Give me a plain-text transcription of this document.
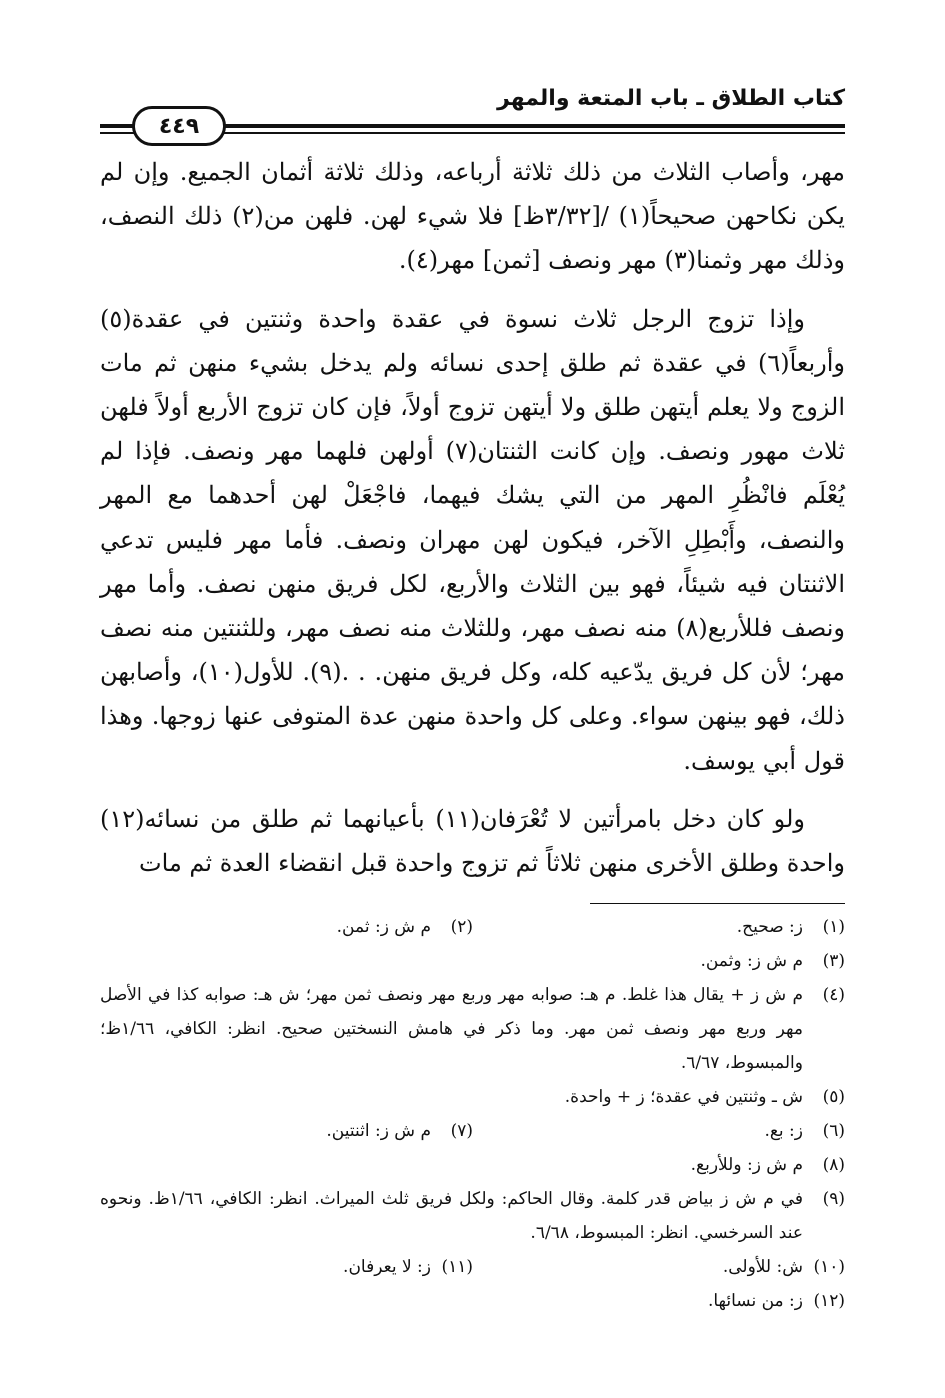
كتاب الطلاق ـ باب المتعة والمهر
٤٤٩

مهر، وأصاب الثلاث من ذلك ثلاثة أرباعه، وذلك ثلاثة أثمان الجميع. وإن لم يكن نكاحهن صحيحاً(١) /[٣/٣٢ظ] فلا شيء لهن. فلهن من(٢) ذلك النصف، وذلك مهر وثمنا(٣) مهر ونصف [ثمن] مهر(٤).

وإذا تزوج الرجل ثلاث نسوة في عقدة واحدة وثنتين في عقدة(٥) وأربعاً(٦) في عقدة ثم طلق إحدى نسائه ولم يدخل بشيء منهن ثم مات الزوج ولا يعلم أيتهن طلق ولا أيتهن تزوج أولاً، فإن كان تزوج الأربع أولاً فلهن ثلاث مهور ونصف. وإن كانت الثنتان(٧) أولهن فلهما مهر ونصف. فإذا لم يُعْلَم فانْظُرِ المهر من التي يشك فيهما، فاجْعَلْ لهن أحدهما مع المهر والنصف، وأَبْطِلِ الآخر، فيكون لهن مهران ونصف. فأما مهر فليس تدعي الاثنتان فيه شيئاً، فهو بين الثلاث والأربع، لكل فريق منهن نصف. وأما مهر ونصف فللأربع(٨) منه نصف مهر، وللثلاث منه نصف مهر، وللثنتين منه نصف مهر؛ لأن كل فريق يدّعيه كله، وكل فريق منهن. . .(٩). للأول(١٠)، وأصابهن ذلك، فهو بينهن سواء. وعلى كل واحدة منهن عدة المتوفى عنها زوجها. وهذا قول أبي يوسف.

ولو كان دخل بامرأتين لا تُعْرَفان(١١) بأعيانهما ثم طلق من نسائه(١٢) واحدة وطلق الأخرى منهن ثلاثاً ثم تزوج واحدة قبل انقضاء العدة ثم مات

(١)
ز: صحيح.
(٢)
م ش ز: ثمن.
(٣)
م ش ز: وثمن.
(٤)
م ش ز + يقال هذا غلط. م هـ: صوابه مهر وربع مهر ونصف ثمن مهر؛ ش هـ: صوابه كذا في الأصل مهر وربع مهر ونصف ثمن مهر. وما ذكر في هامش النسختين صحيح. انظر: الكافي، ١/٦٦ظ؛ والمبسوط، ٦/٦٧.
(٥)
ش ـ وثنتين في عقدة؛ ز + واحدة.
(٦)
ز: بع.
(٧)
م ش ز: اثنتين.
(٨)
م ش ز: وللأربع.
(٩)
في م ش ز بياض قدر كلمة. وقال الحاكم: ولكل فريق ثلث الميراث. انظر: الكافي، ١/٦٦ظ. ونحوه عند السرخسي. انظر: المبسوط، ٦/٦٨.
(١٠)
ش: للأولى.
(١١)
ز: لا يعرفان.
(١٢)
ز: من نسائها.
